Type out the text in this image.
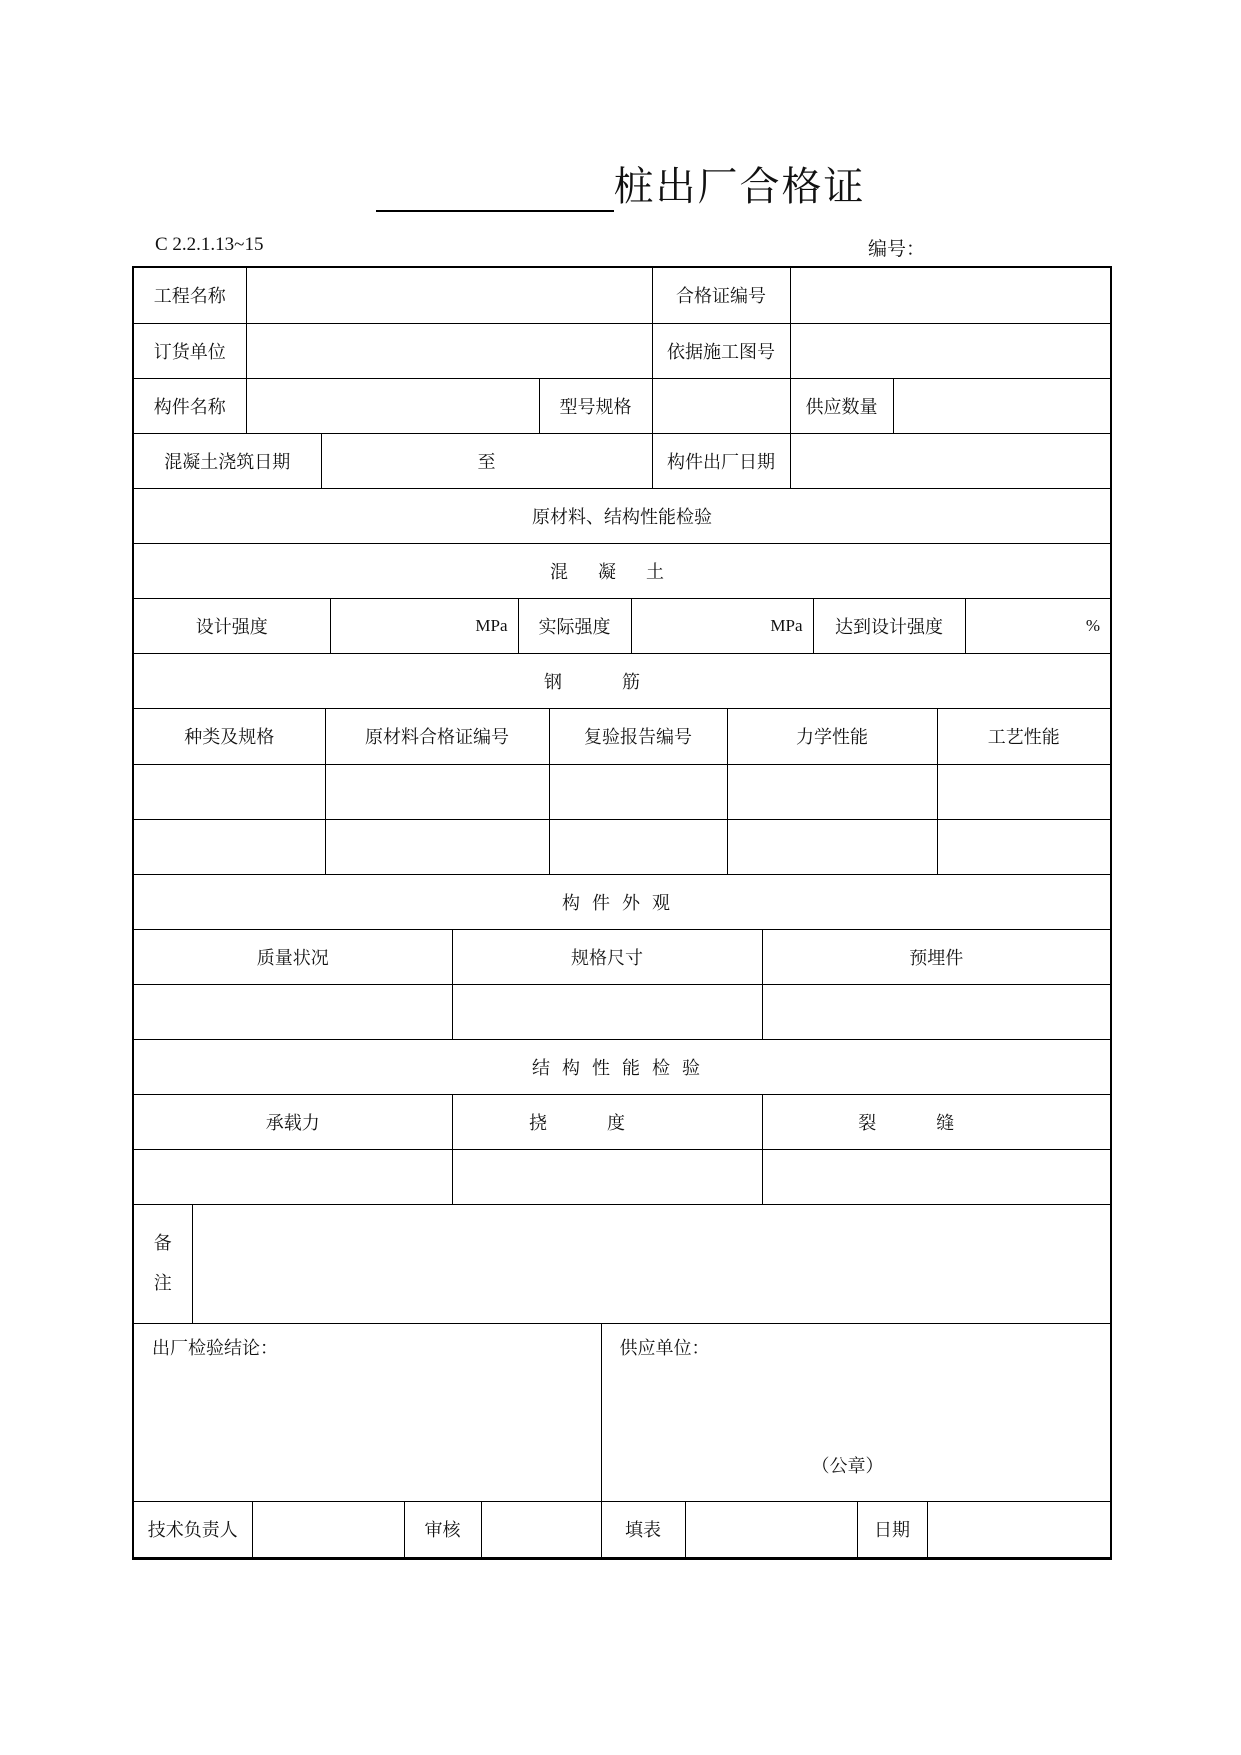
桩出厂合格证
C 2.2.1.13~15	编号：
工程名称				合格证编号		
订货单位				依据施工图号		
构件名称			型号规格		供应数量	
混凝土浇筑日期		至		构件出厂日期		
原材料、结构性能检验						
混凝土						
设计强度	MPa	实际强度	MPa	达到设计强度	%
钢筋
种类及规格	原材料合格证编号	复验报告编号	力学性能	工艺性能

构件外观				
质量状况	规格尺寸	预埋件

结构性能检验		
承载力	挠度	裂缝

备
注

出厂检验结论：	供应单位：
（公章）
技术负责人		审核		填表		日期	
